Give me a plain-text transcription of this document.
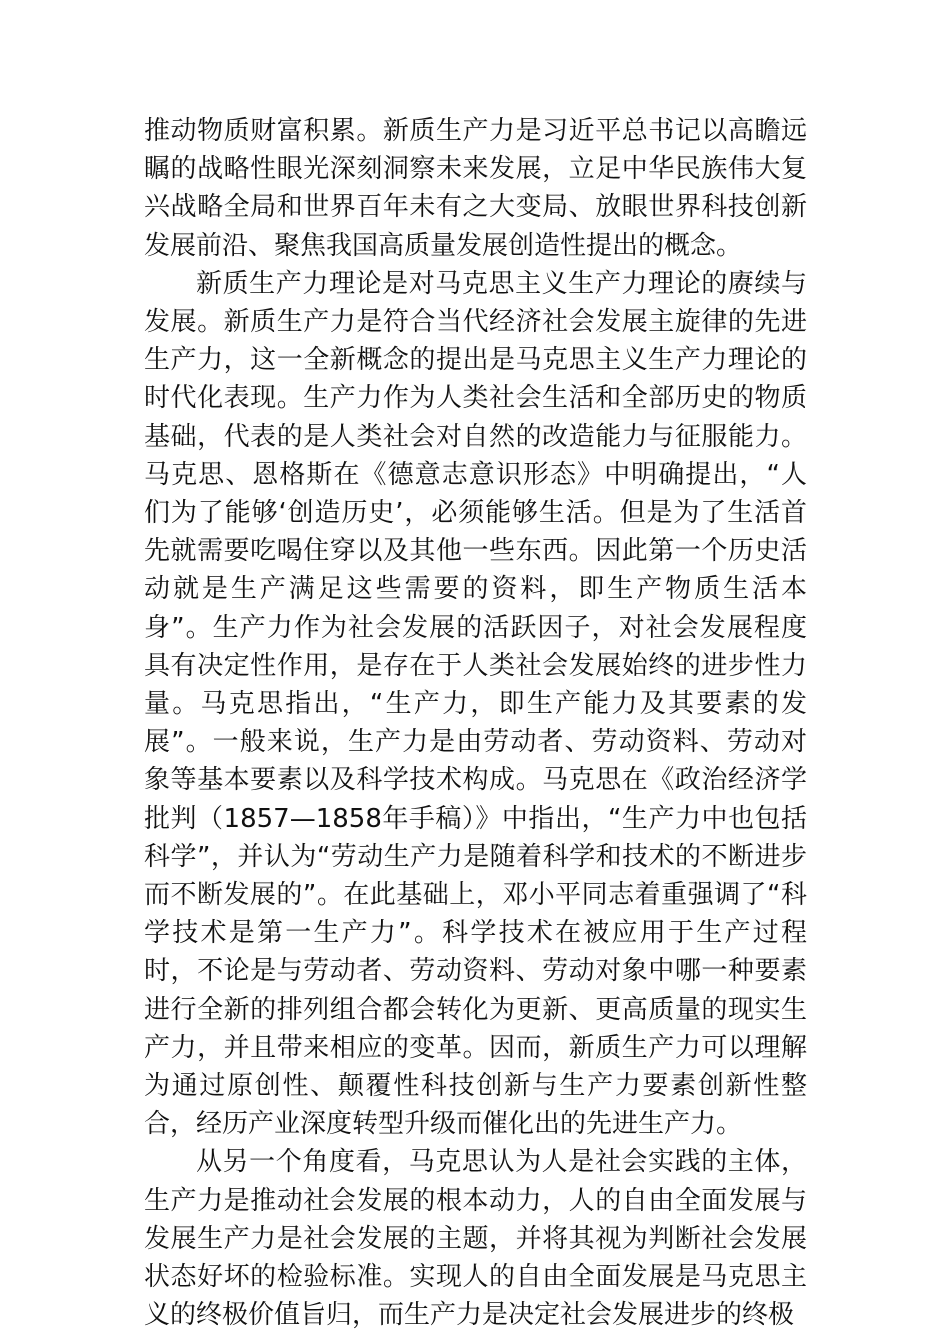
推动物质财富积累。新质生产力是习近平总书记以高瞻远瞩的战略性眼光深刻洞察未来发展，立足中华民族伟大复兴战略全局和世界百年未有之大变局、放眼世界科技创新发展前沿、聚焦我国高质量发展创造性提出的概念。

新质生产力理论是对马克思主义生产力理论的赓续与发展。新质生产力是符合当代经济社会发展主旋律的先进生产力，这一全新概念的提出是马克思主义生产力理论的时代化表现。生产力作为人类社会生活和全部历史的物质基础，代表的是人类社会对自然的改造能力与征服能力。马克思、恩格斯在《德意志意识形态》中明确提出，“人们为了能够‘创造历史’，必须能够生活。但是为了生活首先就需要吃喝住穿以及其他一些东西。因此第一个历史活动就是生产满足这些需要的资料，即生产物质生活本身”。生产力作为社会发展的活跃因子，对社会发展程度具有决定性作用，是存在于人类社会发展始终的进步性力量。马克思指出，“生产力，即生产能力及其要素的发展”。一般来说，生产力是由劳动者、劳动资料、劳动对象等基本要素以及科学技术构成。马克思在《政治经济学批判（1857—1858年手稿）》中指出，“生产力中也包括科学”，并认为“劳动生产力是随着科学和技术的不断进步而不断发展的”。在此基础上，邓小平同志着重强调了“科学技术是第一生产力”。科学技术在被应用于生产过程时，不论是与劳动者、劳动资料、劳动对象中哪一种要素进行全新的排列组合都会转化为更新、更高质量的现实生产力，并且带来相应的变革。因而，新质生产力可以理解为通过原创性、颠覆性科技创新与生产力要素创新性整合，经历产业深度转型升级而催化出的先进生产力。

从另一个角度看，马克思认为人是社会实践的主体，生产力是推动社会发展的根本动力，人的自由全面发展与发展生产力是社会发展的主题，并将其视为判断社会发展状态好坏的检验标准。实现人的自由全面发展是马克思主义的终极价值旨归，而生产力是决定社会发展进步的终极
